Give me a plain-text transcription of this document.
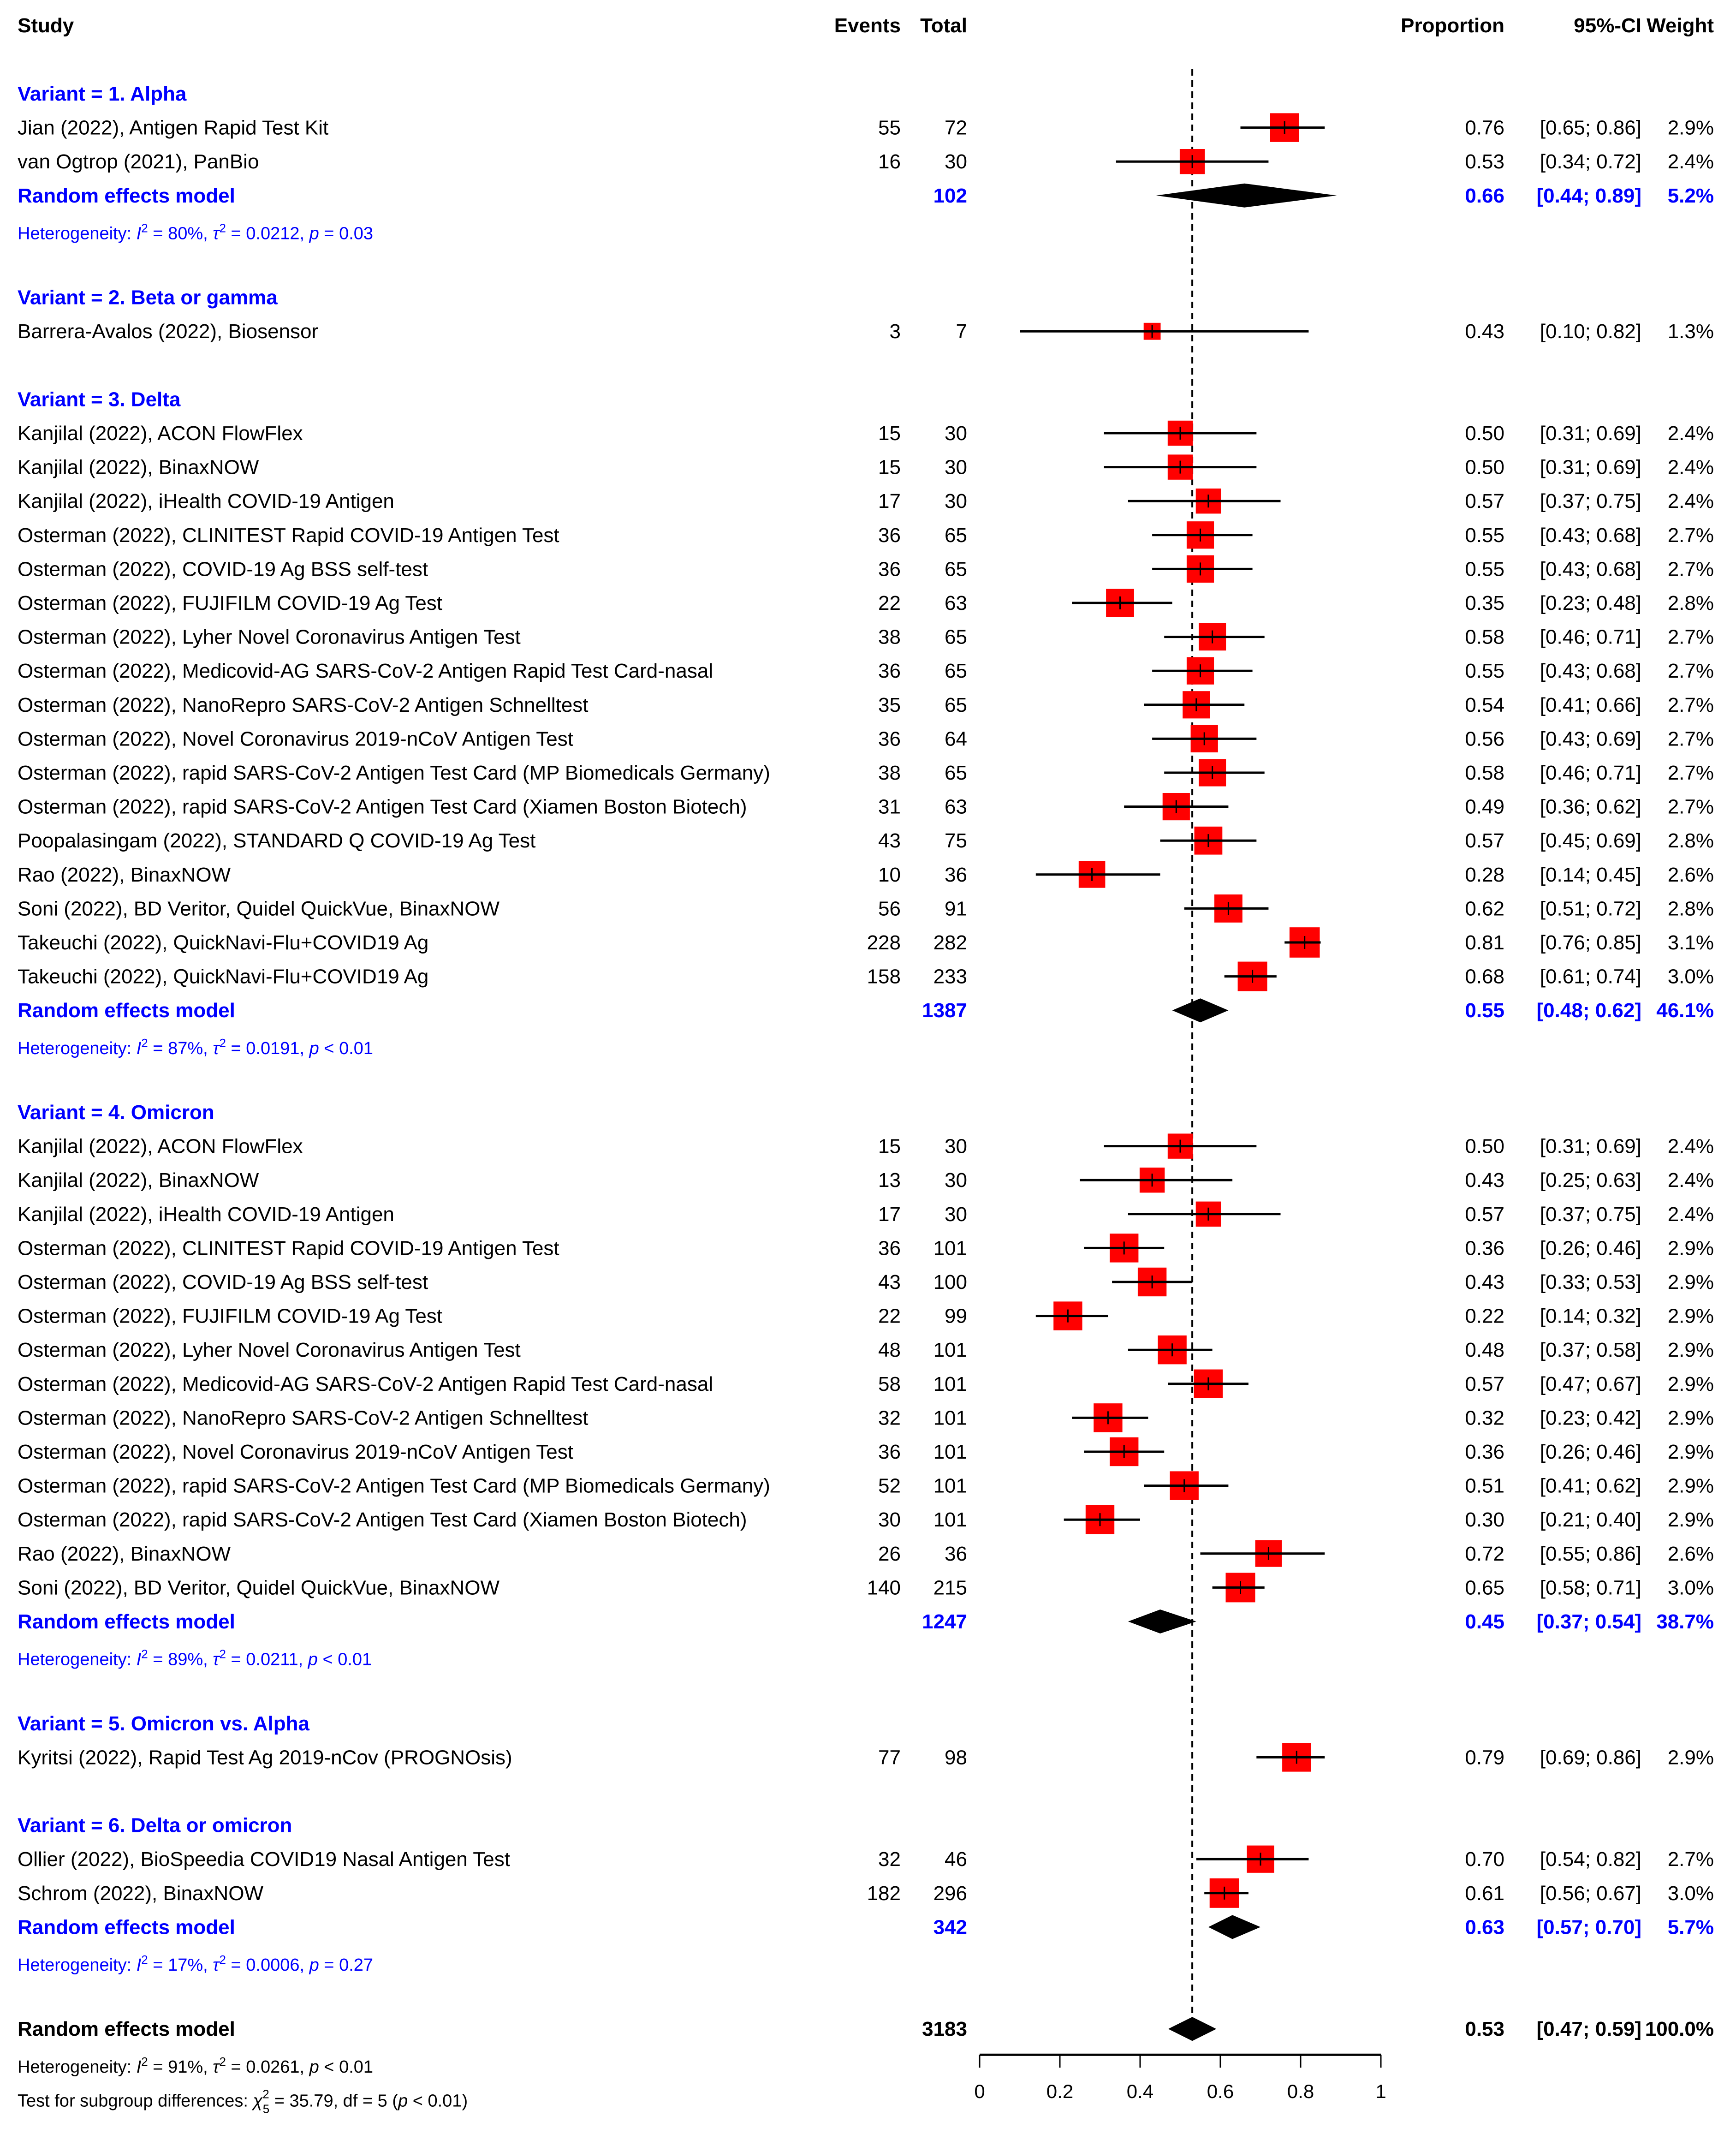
Study	Events Total	Proportion	95%-CI Weight
Variant = 1. Alpha
Jian (2022), Antigen Rapid Test Kit	55 72	0.76 [0.65; 0.86] 2.9%
van Ogtrop (2021), PanBio	16 30	0.53 [0.34; 0.72] 2.4%
Random effects model	102	0.66 [0.44; 0.89] 5.2%
Heterogeneity: $I^2 = 80\%$, $\tau^2 = 0.0212$, p = 0.03
Variant = 2. Beta or gamma
Barrera-Avalos (2022), Biosensor	3	7	0.43 [0.10; 0.82] 1.3%
Variant = 3. Delta
Kanjilal (2022), ACON FlowFlex	15 30	0.50 [0.31; 0.69] 2.4%
Kanjilal (2022), BinaxNOW	15 30	0.50 [0.31; 0.69] 2.4%
Kanjilal (2022), iHealth COVID-19 Antigen	17 30	0.57 [0.37; 0.75] 2.4%
Osterman (2022), CLINITEST Rapid COVID-19 Antigen Test	36 65	0.55 [0.43; 0.68] 2.7%
Osterman (2022), COVID-19 Ag BSS self-test	36 65	0.55 [0.43; 0.68] 2.7%
Osterman (2022), FUJIFILM COVID-19 Ag Test	22 63	0.35 [0.23; 0.48] 2.8%
Osterman (2022), Lyher Novel Coronavirus Antigen Test	38 65	0.58 [0.46; 0.71] 2.7%
Osterman (2022), Medicovid-AG SARS-CoV-2 Antigen Rapid Test Card-nasal	36 65	0.55 [0.43; 0.68] 2.7%
Osterman (2022), NanoRepro SARS-CoV-2 Antigen Schnelltest	35 65	0.54 [0.41; 0.66] 2.7%
Osterman (2022), Novel Coronavirus 2019-nCoV Antigen Test	36 64	0.56 [0.43; 0.69] 2.7%
Osterman (2022), rapid SARS-CoV-2 Antigen Test Card (MP Biomedicals Germany)	38 65	0.58 [0.46; 0.71] 2.7%
Osterman (2022), rapid SARS-CoV-2 Antigen Test Card (Xiamen Boston Biotech)	31 63	0.49 [0.36; 0.62] 2.7%
Poopalasingam (2022), STANDARD Q COVID-19 Ag Test	43 75	0.57 [0.45; 0.69] 2.8%
Rao (2022), BinaxNOW	10 36	0.28 [0.14; 0.45] 2.6%
Soni (2022), BD Veritor, Quidel QuickVue, BinaxNOW	56 91	0.62 [0.51; 0.72] 2.8%
Takeuchi (2022), QuickNavi-Flu+COVID19 Ag	228 282	0.81 [0.76; 0.85] 3.1%
Takeuchi (2022), QuickNavi-Flu+COVID19 Ag	158 233	0.68 [0.61; 0.74] 3.0%
Random effects model	1387	0.55 [0.48; 0.62] 46.1%
Heterogeneity: $I^2 = 87\%$, $\tau^2 = 0.0191$, p < 0.01
Variant = 4. Omicron
Kanjilal (2022), ACON FlowFlex	15 30	0.50 [0.31; 0.69] 2.4%
Kanjilal (2022), BinaxNOW	13 30	0.43 [0.25; 0.63] 2.4%
Kanjilal (2022), iHealth COVID-19 Antigen	17 30	0.57 [0.37; 0.75] 2.4%
Osterman (2022), CLINITEST Rapid COVID-19 Antigen Test	36 101	0.36 [0.26; 0.46] 2.9%
Osterman (2022), COVID-19 Ag BSS self-test	43 100	0.43 [0.33; 0.53] 2.9%
Osterman (2022), FUJIFILM COVID-19 Ag Test	22 99	0.22 [0.14; 0.32] 2.9%
Osterman (2022), Lyher Novel Coronavirus Antigen Test	48 101	0.48 [0.37; 0.58] 2.9%
Osterman (2022), Medicovid-AG SARS-CoV-2 Antigen Rapid Test Card-nasal	58 101	0.57 [0.47; 0.67] 2.9%
Osterman (2022), NanoRepro SARS-CoV-2 Antigen Schnelltest	32 101	0.32 [0.23; 0.42] 2.9%
Osterman (2022), Novel Coronavirus 2019-nCoV Antigen Test	36 101	0.36 [0.26; 0.46] 2.9%
Osterman (2022), rapid SARS-CoV-2 Antigen Test Card (MP Biomedicals Germany)	52 101	0.51 [0.41; 0.62] 2.9%
Osterman (2022), rapid SARS-CoV-2 Antigen Test Card (Xiamen Boston Biotech)	30 101	0.30 [0.21; 0.40] 2.9%
Rao (2022), BinaxNOW	26 36	0.72 [0.55; 0.86] 2.6%
Soni (2022), BD Veritor, Quidel QuickVue, BinaxNOW	140 215	0.65 [0.58; 0.71] 3.0%
Random effects model	1247	0.45 [0.37; 0.54] 38.7%
Heterogeneity: $I^2 = 89\%$, $\tau^2 = 0.0211$, p < 0.01
Variant = 5. Omicron vs. Alpha
Kyritsi (2022), Rapid Test Ag 2019-nCov (PROGNOsis)	77 98	0.79 [0.69; 0.86] 2.9%
Variant = 6. Delta or omicron
Ollier (2022), BioSpeedia COVID19 Nasal Antigen Test	32 46	0.70 [0.54; 0.82] 2.7%
Schrom (2022), BinaxNOW	182 296	0.61 [0.56; 0.67] 3.0%
Random effects model	342	0.63 [0.57; 0.70] 5.7%
Heterogeneity: $I^2 = 17\%$, $\tau^2 = 0.0006$, p = 0.27
Random effects model	3183	0.53 [0.47; 0.59] 100.0%
Heterogeneity: $I^2 = 91\%$, $\tau^2 = 0.0261$, p < 0.01
Test for subgroup differences: $\chi^2$ 5 = 35.79, df = 5 (p < 0.01)	0	0.2	0.4	0.6	0.8	1
